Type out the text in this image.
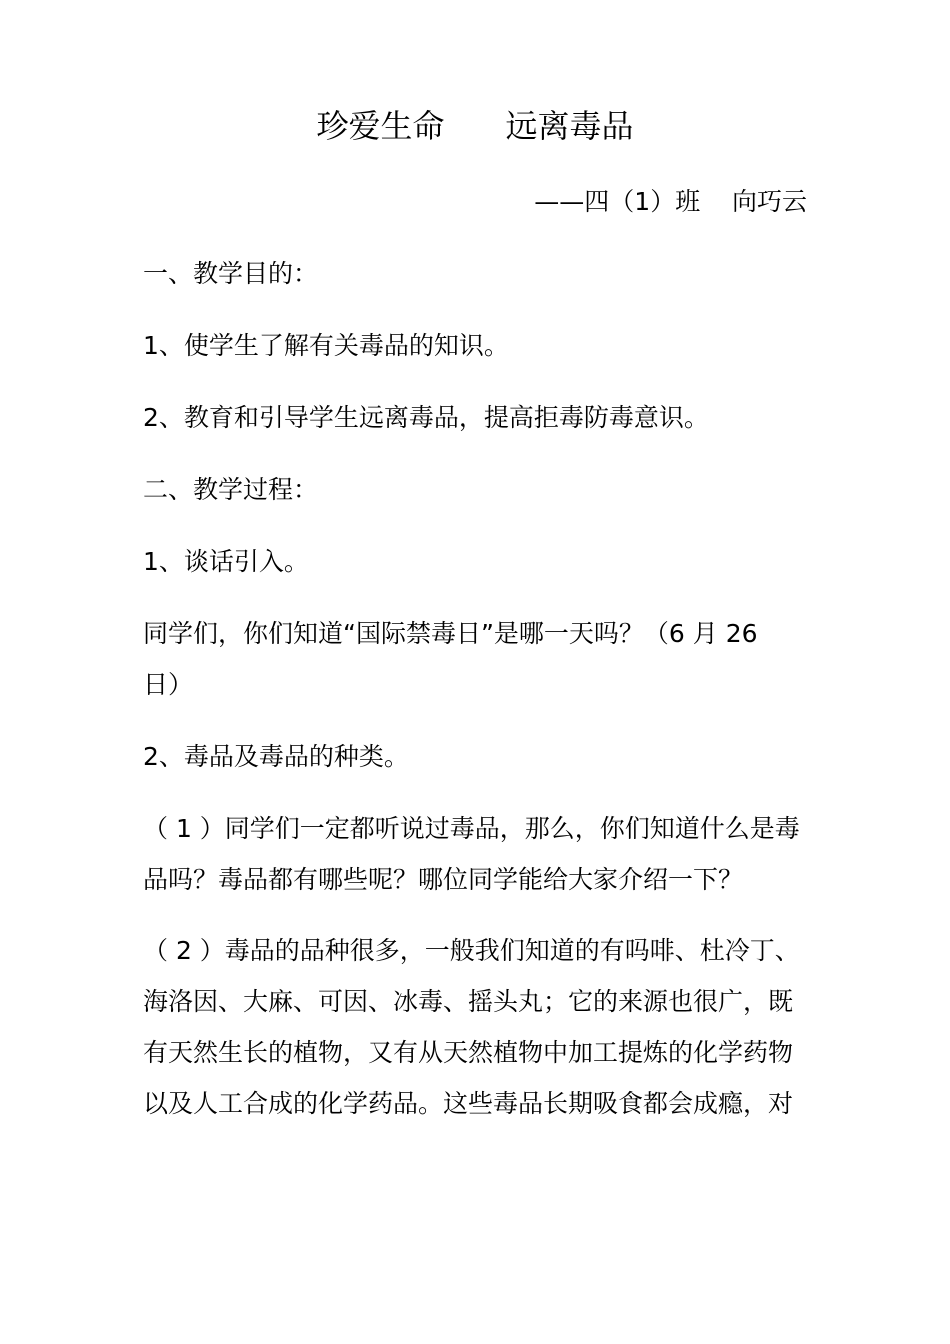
珍爱生命      远离毒品
——四（1）班    向巧云
一、教学目的：
1、使学生了解有关毒品的知识。
2、教育和引导学生远离毒品，提高拒毒防毒意识。
二、教学过程：
1、谈话引入。
同学们，你们知道“国际禁毒日”是哪一天吗？（6 月 26
日）
2、毒品及毒品的种类。
（ 1 ）同学们一定都听说过毒品，那么，你们知道什么是毒
品吗？毒品都有哪些呢？哪位同学能给大家介绍一下？
（ 2 ）毒品的品种很多，一般我们知道的有吗啡、杜冷丁、
海洛因、大麻、可因、冰毒、摇头丸；它的来源也很广，既
有天然生长的植物，又有从天然植物中加工提炼的化学药物
以及人工合成的化学药品。这些毒品长期吸食都会成瘾，对
